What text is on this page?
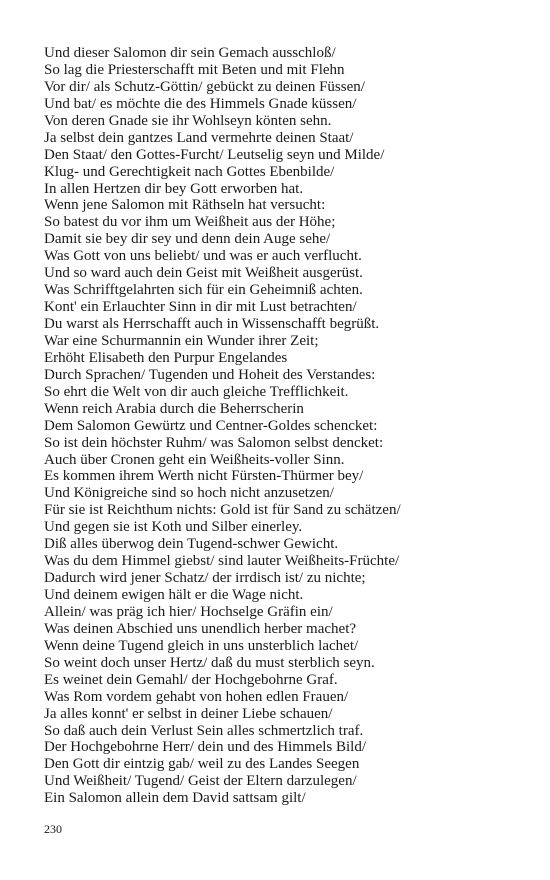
Und dieser Salomon dir sein Gemach ausschloß/
So lag die Priesterschafft mit Beten und mit Flehn
Vor dir/ als Schutz-Göttin/ gebückt zu deinen Füssen/
Und bat/ es möchte die des Himmels Gnade küssen/
Von deren Gnade sie ihr Wohlseyn könten sehn.
Ja selbst dein gantzes Land vermehrte deinen Staat/
Den Staat/ den Gottes-Furcht/ Leutselig seyn und Milde/
Klug- und Gerechtigkeit nach Gottes Ebenbilde/
In allen Hertzen dir bey Gott erworben hat.
Wenn jene Salomon mit Räthseln hat versucht:
So batest du vor ihm um Weißheit aus der Höhe;
Damit sie bey dir sey und denn dein Auge sehe/
Was Gott von uns beliebt/ und was er auch verflucht.
Und so ward auch dein Geist mit Weißheit ausgerüst.
Was Schrifftgelahrten sich für ein Geheimniß achten.
Kont' ein Erlauchter Sinn in dir mit Lust betrachten/
Du warst als Herrschafft auch in Wissenschafft begrüßt.
War eine Schurmannin ein Wunder ihrer Zeit;
Erhöht Elisabeth den Purpur Engelandes
Durch Sprachen/ Tugenden und Hoheit des Verstandes:
So ehrt die Welt von dir auch gleiche Trefflichkeit.
Wenn reich Arabia durch die Beherrscherin
Dem Salomon Gewürtz und Centner-Goldes schencket:
So ist dein höchster Ruhm/ was Salomon selbst dencket:
Auch über Cronen geht ein Weißheits-voller Sinn.
Es kommen ihrem Werth nicht Fürsten-Thürmer bey/
Und Königreiche sind so hoch nicht anzusetzen/
Für sie ist Reichthum nichts: Gold ist für Sand zu schätzen/
Und gegen sie ist Koth und Silber einerley.
Diß alles überwog dein Tugend-schwer Gewicht.
Was du dem Himmel giebst/ sind lauter Weißheits-Früchte/
Dadurch wird jener Schatz/ der irrdisch ist/ zu nichte;
Und deinem ewigen hält er die Wage nicht.
Allein/ was präg ich hier/ Hochselge Gräfin ein/
Was deinen Abschied uns unendlich herber machet?
Wenn deine Tugend gleich in uns unsterblich lachet/
So weint doch unser Hertz/ daß du must sterblich seyn.
Es weinet dein Gemahl/ der Hochgebohrne Graf.
Was Rom vordem gehabt von hohen edlen Frauen/
Ja alles konnt' er selbst in deiner Liebe schauen/
So daß auch dein Verlust Sein alles schmertzlich traf.
Der Hochgebohrne Herr/ dein und des Himmels Bild/
Den Gott dir eintzig gab/ weil zu des Landes Seegen
Und Weißheit/ Tugend/ Geist der Eltern darzulegen/
Ein Salomon allein dem David sattsam gilt/
230
